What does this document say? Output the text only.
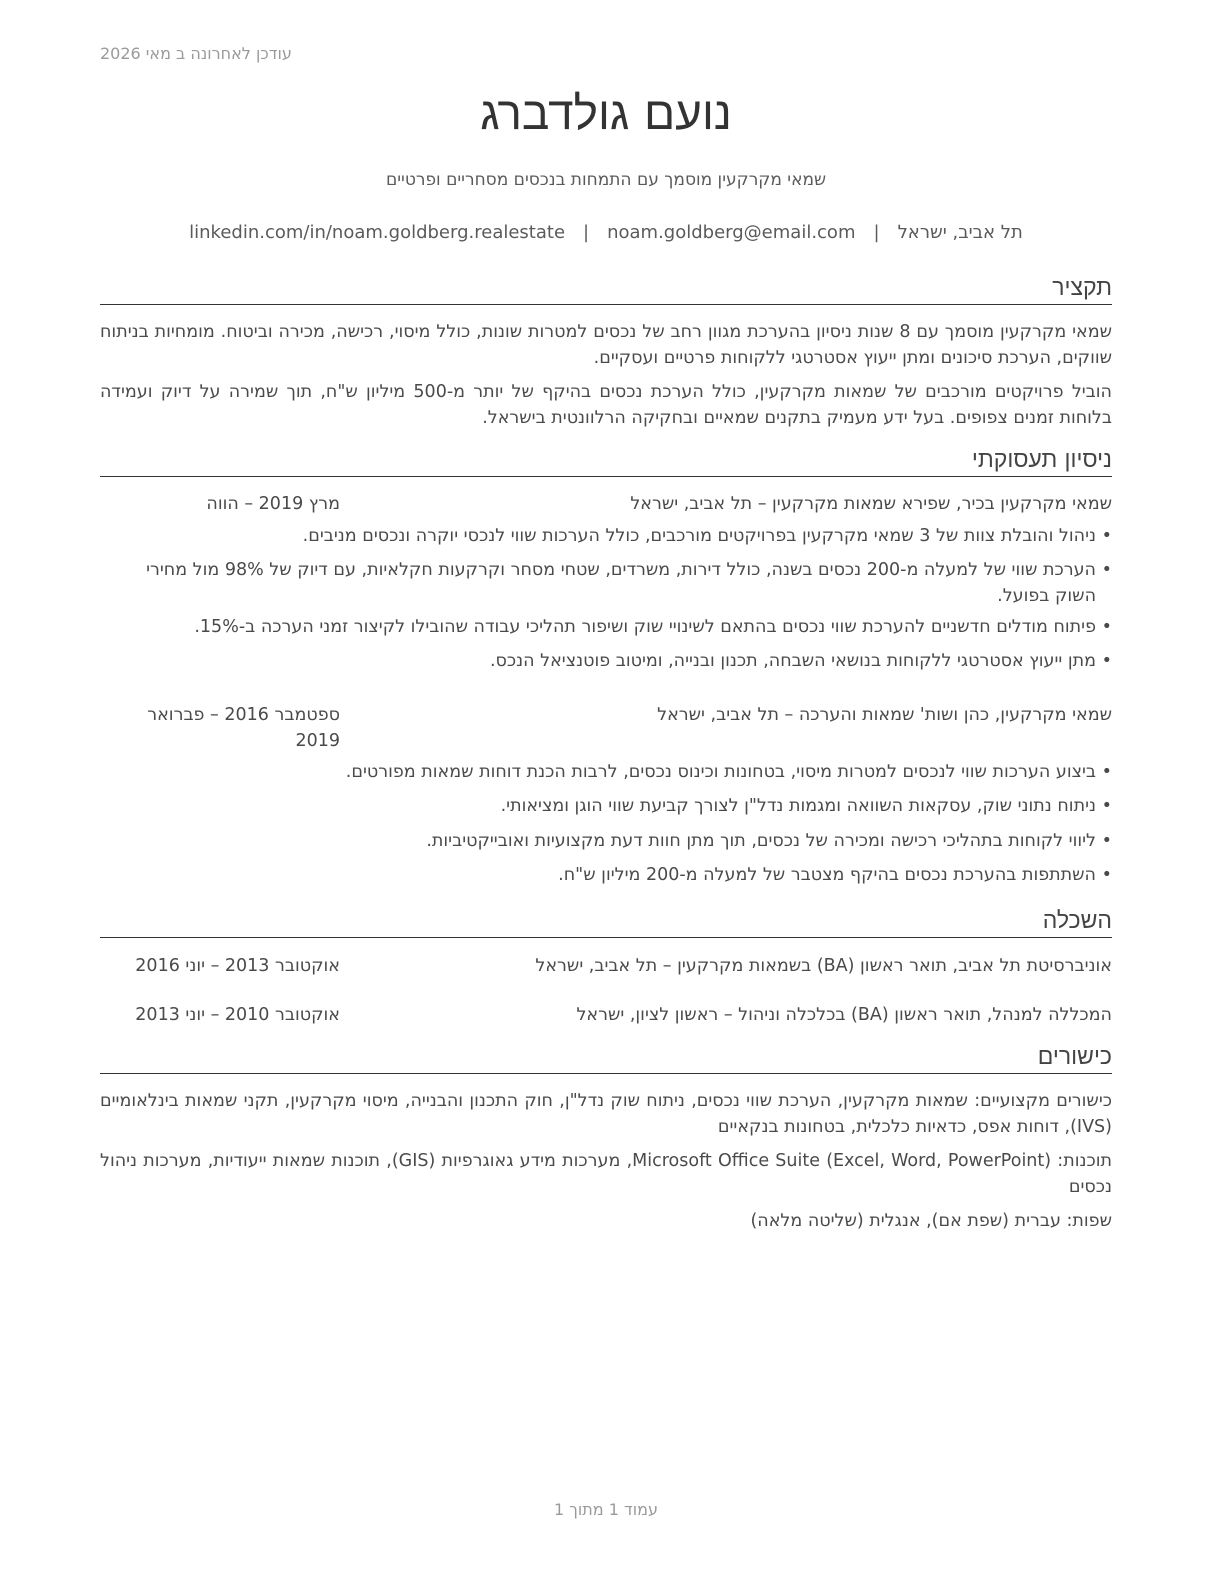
עודכן לאחרונה ב מאי 2026
נועם גולדברג
שמאי מקרקעין מוסמך עם התמחות בנכסים מסחריים ופרטיים
תל אביב, ישראל|noam.goldberg@email.com|linkedin.com/in/noam.goldberg.realestate
תקציר
שמאי מקרקעין מוסמך עם 8 שנות ניסיון בהערכת מגוון רחב של נכסים למטרות שונות, כולל מיסוי, רכישה, מכירה וביטוח. מומחיות בניתוח שווקים, הערכת סיכונים ומתן ייעוץ אסטרטגי ללקוחות פרטיים ועסקיים.
הוביל פרויקטים מורכבים של שמאות מקרקעין, כולל הערכת נכסים בהיקף של יותר מ-500 מיליון ש"ח, תוך שמירה על דיוק ועמידה בלוחות זמנים צפופים. בעל ידע מעמיק בתקנים שמאיים ובחקיקה הרלוונטית בישראל.
ניסיון תעסוקתי
שמאי מקרקעין בכיר, שפירא שמאות מקרקעין – תל אביב, ישראל
מרץ 2019 – הווה
•
ניהול והובלת צוות של 3 שמאי מקרקעין בפרויקטים מורכבים, כולל הערכות שווי לנכסי יוקרה ונכסים מניבים.
•
הערכת שווי של למעלה מ-200 נכסים בשנה, כולל דירות, משרדים, שטחי מסחר וקרקעות חקלאיות, עם דיוק של 98% מול מחירי השוק בפועל.
•
פיתוח מודלים חדשניים להערכת שווי נכסים בהתאם לשינויי שוק ושיפור תהליכי עבודה שהובילו לקיצור זמני הערכה ב-15%.
•
מתן ייעוץ אסטרטגי ללקוחות בנושאי השבחה, תכנון ובנייה, ומיטוב פוטנציאל הנכס.
שמאי מקרקעין, כהן ושות' שמאות והערכה – תל אביב, ישראל
ספטמבר 2016 – פברואר
2019
•
ביצוע הערכות שווי לנכסים למטרות מיסוי, בטחונות וכינוס נכסים, לרבות הכנת דוחות שמאות מפורטים.
•
ניתוח נתוני שוק, עסקאות השוואה ומגמות נדל"ן לצורך קביעת שווי הוגן ומציאותי.
•
ליווי לקוחות בתהליכי רכישה ומכירה של נכסים, תוך מתן חוות דעת מקצועיות ואובייקטיביות.
•
השתתפות בהערכת נכסים בהיקף מצטבר של למעלה מ-200 מיליון ש"ח.
השכלה
אוניברסיטת תל אביב, תואר ראשון (BA) בשמאות מקרקעין – תל אביב, ישראל
אוקטובר 2013 – יוני 2016
המכללה למנהל, תואר ראשון (BA) בכלכלה וניהול – ראשון לציון, ישראל
אוקטובר 2010 – יוני 2013
כישורים
כישורים מקצועיים: שמאות מקרקעין, הערכת שווי נכסים, ניתוח שוק נדל"ן, חוק התכנון והבנייה, מיסוי מקרקעין, תקני שמאות בינלאומיים (IVS), דוחות אפס, כדאיות כלכלית, בטחונות בנקאיים
תוכנות: Microsoft Office Suite (Excel, Word, PowerPoint), מערכות מידע גאוגרפיות (GIS), תוכנות שמאות ייעודיות, מערכות ניהול נכסים
שפות: עברית (שפת אם), אנגלית (שליטה מלאה)
עמוד 1 מתוך 1
